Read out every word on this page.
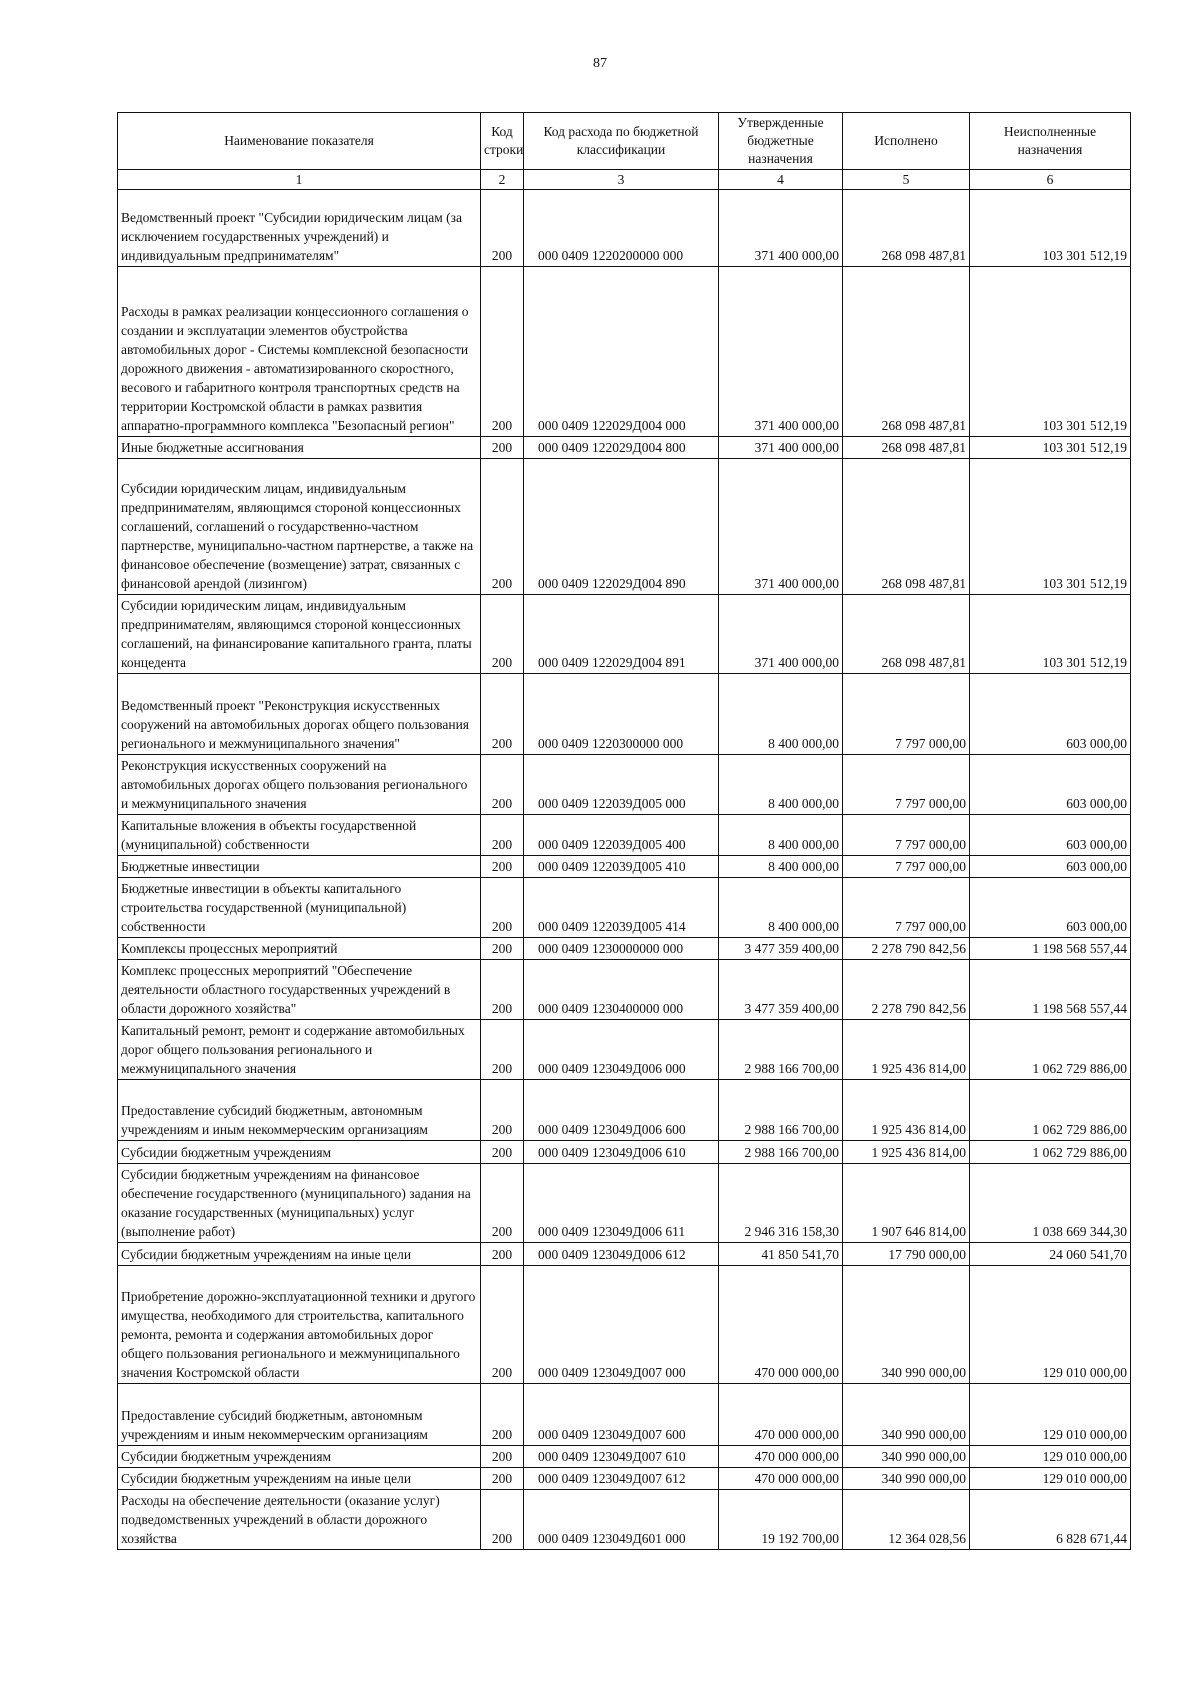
87
Наименование показателя	Код строки	Код расхода по бюджетной классификации	Утвержденные бюджетные назначения	Исполнено	Неисполненные назначения
1	2	3	4	5	6
Ведомственный проект "Субсидии юридическим лицам (за исключением государственных учреждений) и индивидуальным предпринимателям"	200	000 0409 1220200000 000	371 400 000,00	268 098 487,81	103 301 512,19
Расходы в рамках реализации концессионного соглашения о создании и эксплуатации элементов обустройства автомобильных дорог - Системы комплексной безопасности дорожного движения - автоматизированного скоростного, весового и габаритного контроля транспортных средств на территории Костромской области в рамках развития аппаратно-программного комплекса "Безопасный регион"	200	000 0409 122029Д004 000	371 400 000,00	268 098 487,81	103 301 512,19
Иные бюджетные ассигнования	200	000 0409 122029Д004 800	371 400 000,00	268 098 487,81	103 301 512,19
Субсидии юридическим лицам, индивидуальным предпринимателям, являющимся стороной концессионных соглашений, соглашений о государственно-частном партнерстве, муниципально-частном партнерстве, а также на финансовое обеспечение (возмещение) затрат, связанных с финансовой арендой (лизингом)	200	000 0409 122029Д004 890	371 400 000,00	268 098 487,81	103 301 512,19
Субсидии юридическим лицам, индивидуальным предпринимателям, являющимся стороной концессионных соглашений, на финансирование капитального гранта, платы концедента	200	000 0409 122029Д004 891	371 400 000,00	268 098 487,81	103 301 512,19
Ведомственный проект "Реконструкция искусственных сооружений на автомобильных дорогах общего пользования регионального и межмуниципального значения"	200	000 0409 1220300000 000	8 400 000,00	7 797 000,00	603 000,00
Реконструкция искусственных сооружений на автомобильных дорогах общего пользования регионального и межмуниципального значения	200	000 0409 122039Д005 000	8 400 000,00	7 797 000,00	603 000,00
Капитальные вложения в объекты государственной (муниципальной) собственности	200	000 0409 122039Д005 400	8 400 000,00	7 797 000,00	603 000,00
Бюджетные инвестиции	200	000 0409 122039Д005 410	8 400 000,00	7 797 000,00	603 000,00
Бюджетные инвестиции в объекты капитального строительства государственной (муниципальной) собственности	200	000 0409 122039Д005 414	8 400 000,00	7 797 000,00	603 000,00
Комплексы процессных мероприятий	200	000 0409 1230000000 000	3 477 359 400,00	2 278 790 842,56	1 198 568 557,44
Комплекс процессных мероприятий "Обеспечение деятельности областного государственных учреждений в области дорожного хозяйства"	200	000 0409 1230400000 000	3 477 359 400,00	2 278 790 842,56	1 198 568 557,44
Капитальный ремонт, ремонт и содержание автомобильных дорог общего пользования регионального и межмуниципального значения	200	000 0409 123049Д006 000	2 988 166 700,00	1 925 436 814,00	1 062 729 886,00
Предоставление субсидий бюджетным, автономным учреждениям и иным некоммерческим организациям	200	000 0409 123049Д006 600	2 988 166 700,00	1 925 436 814,00	1 062 729 886,00
Субсидии бюджетным учреждениям	200	000 0409 123049Д006 610	2 988 166 700,00	1 925 436 814,00	1 062 729 886,00
Субсидии бюджетным учреждениям на финансовое обеспечение государственного (муниципального) задания на оказание государственных (муниципальных) услуг (выполнение работ)	200	000 0409 123049Д006 611	2 946 316 158,30	1 907 646 814,00	1 038 669 344,30
Субсидии бюджетным учреждениям на иные цели	200	000 0409 123049Д006 612	41 850 541,70	17 790 000,00	24 060 541,70
Приобретение дорожно-эксплуатационной техники и другого имущества, необходимого для строительства, капитального ремонта, ремонта и содержания автомобильных дорог общего пользования регионального и межмуниципального значения Костромской области	200	000 0409 123049Д007 000	470 000 000,00	340 990 000,00	129 010 000,00
Предоставление субсидий бюджетным, автономным учреждениям и иным некоммерческим организациям	200	000 0409 123049Д007 600	470 000 000,00	340 990 000,00	129 010 000,00
Субсидии бюджетным учреждениям	200	000 0409 123049Д007 610	470 000 000,00	340 990 000,00	129 010 000,00
Субсидии бюджетным учреждениям на иные цели	200	000 0409 123049Д007 612	470 000 000,00	340 990 000,00	129 010 000,00
Расходы на обеспечение деятельности (оказание услуг) подведомственных учреждений в области дорожного хозяйства	200	000 0409 123049Д601 000	19 192 700,00	12 364 028,56	6 828 671,44
